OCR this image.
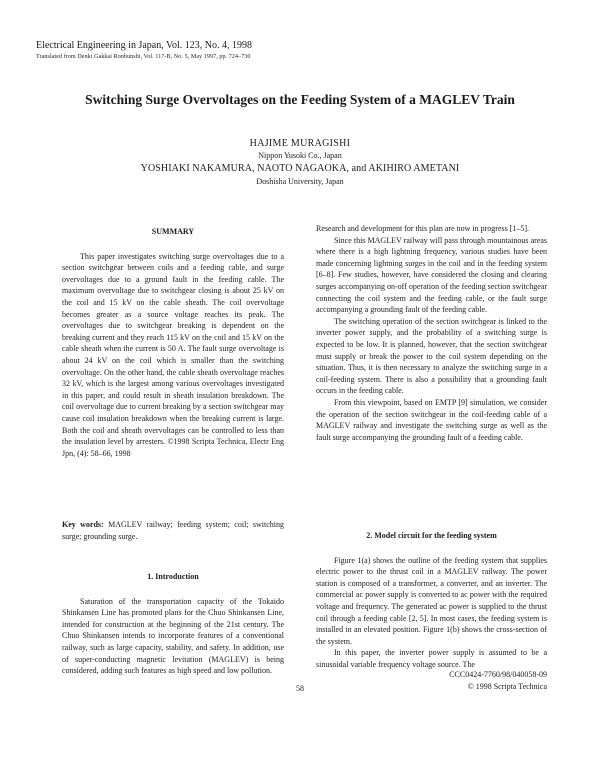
Electrical Engineering in Japan, Vol. 123, No. 4, 1998
Translated from Denki Gakkai Ronbunshi, Vol. 117-B, No. 5, May 1997, pp. 724–730
Switching Surge Overvoltages on the Feeding System of a MAGLEV Train
HAJIME MURAGISHI
Nippon Yusoki Co., Japan
YOSHIAKI NAKAMURA, NAOTO NAGAOKA, and AKIHIRO AMETANI
Doshisha University, Japan
SUMMARY

This paper investigates switching surge overvoltages due to a section switchgear between coils and a feeding cable, and surge overvoltages due to a ground fault in the feeding cable. The maximum overvoltage due to switchgear closing is about 25 kV on the coil and 15 kV on the cable sheath. The coil overvoltage becomes greater as a source voltage reaches its peak. The overvoltages due to switchgear breaking is dependent on the breaking current and they reach 115 kV on the coil and 15 kV on the cable sheath when the current is 50 A. The fault surge overvoltage is about 24 kV on the coil which is smaller than the switching overvoltage. On the other hand, the cable sheath overvoltage reaches 32 kV, which is the largest among various overvoltages investigated in this paper, and could result in sheath insulation breakdown. The coil overvoltage due to current breaking by a section switchgear may cause coil insulation breakdown when the breaking current is large. Both the coil and sheath overvoltages can be controlled to less than the insulation level by arresters. ©1998 Scripta Technica, Electr Eng Jpn, (4): 58–66, 1998

Key words: MAGLEV railway; feeding system; coil; switching surge; grounding surge.
1. Introduction

Saturation of the transportation capacity of the Tokaido Shinkansen Line has promoted plans for the Chuo Shinkansen Line, intended for construction at the beginning of the 21st century. The Chuo Shinkansen intends to incorporate features of a conventional railway, such as large capacity, stability, and safety. In addition, use of super-conducting magnetic levitation (MAGLEV) is being considered, adding such features as high speed and low pollution.

Research and development for this plan are now in progress [1–5].

Since this MAGLEV railway will pass through mountainous areas where there is a high lightning frequency, various studies have been made concerning lightning surges in the coil and in the feeding system [6–8]. Few studies, however, have considered the closing and clearing surges accompanying on-off operation of the feeding section switchgear connecting the coil system and the feeding cable, or the fault surge accompanying a grounding fault of the feeding cable.

The switching operation of the section switchgear is linked to the inverter power supply, and the probability of a switching surge is expected to be low. It is planned, however, that the section switchgear must supply or break the power to the coil system depending on the situation. Thus, it is then necessary to analyze the switching surge in a coil-feeding system. There is also a possibility that a grounding fault occurs in the feeding cable.

From this viewpoint, based on EMTP [9] simulation, we consider the operation of the section switchgear in the coil-feeding cable of a MAGLEV railway and investigate the switching surge as well as the fault surge accompanying the grounding fault of a feeding cable.

2. Model circuit for the feeding system

Figure 1(a) shows the outline of the feeding system that supplies electric power to the thrust coil in a MAGLEV railway. The power station is composed of a transformer, a converter, and an inverter. The commercial ac power supply is converted to ac power with the required voltage and frequency. The generated ac power is supplied to the thrust coil through a feeding cable [2, 5]. In most cases, the feeding system is installed in an elevated position. Figure 1(b) shows the cross-section of the system.

In this paper, the inverter power supply is assumed to be a sinusoidal variable frequency voltage source. The

58
CCC0424-7760/98/040058-09
© 1998 Scripta Technica
